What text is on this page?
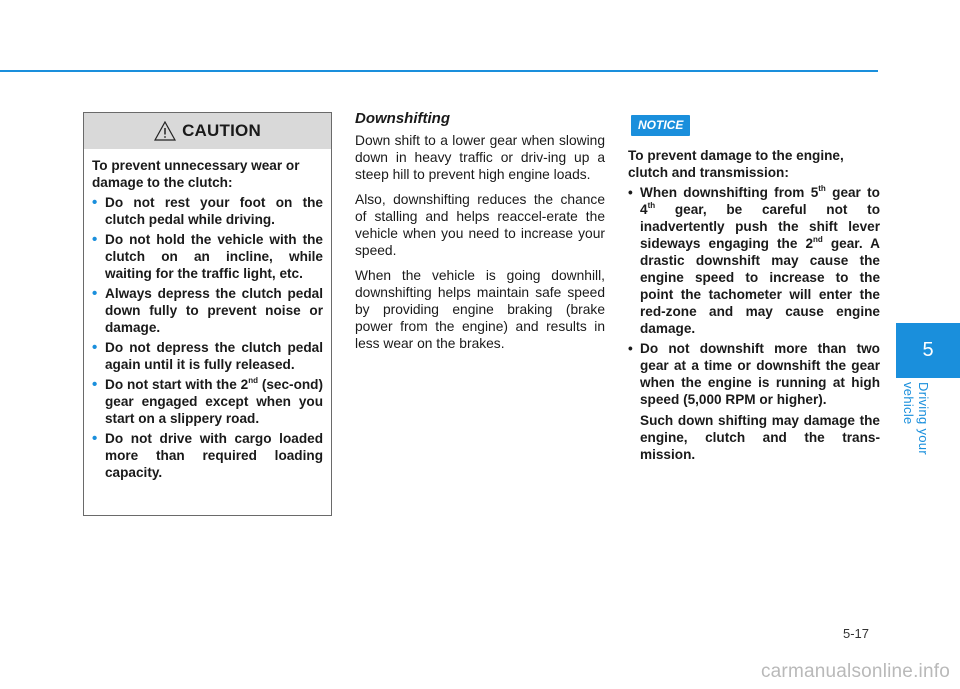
CAUTION
To prevent unnecessary wear or damage to the clutch:
• Do not rest your foot on the clutch pedal while driving.
• Do not hold the vehicle with the clutch on an incline, while waiting for the traffic light, etc.
• Always depress the clutch pedal down fully to prevent noise or damage.
• Do not depress the clutch pedal again until it is fully released.
• Do not start with the 2nd (sec-ond) gear engaged except when you start on a slippery road.
• Do not drive with cargo loaded more than required loading capacity.
Downshifting

Down shift to a lower gear when slowing down in heavy traffic or driv-ing up a steep hill to prevent high engine loads.

Also, downshifting reduces the chance of stalling and helps reaccel-erate the vehicle when you need to increase your speed.

When the vehicle is going downhill, downshifting helps maintain safe speed by providing engine braking (brake power from the engine) and results in less wear on the brakes.

NOTICE
To prevent damage to the engine, clutch and transmission:
• When downshifting from 5th gear to 4th gear, be careful not to inadvertently push the shift lever sideways engaging the 2nd gear. A drastic downshift may cause the engine speed to increase to the point the tachometer will enter the red-zone and may cause engine damage.
• Do not downshift more than two gear at a time or downshift the gear when the engine is running at high speed (5,000 RPM or higher).
Such down shifting may damage the engine, clutch and the trans-mission.
5
Driving your vehicle
5-17
carmanualsonline.info
